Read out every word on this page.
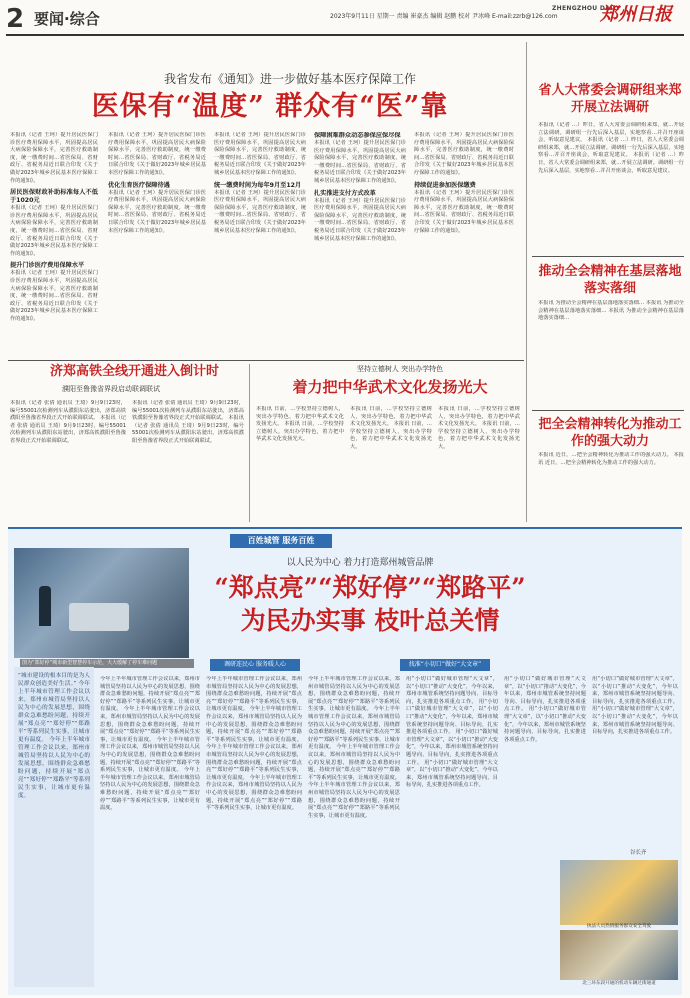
2 要闻·综合	2023年9月11日 星期一 责编 崔豪杰 编辑 赵鹏 校对 尹冰峰 E-mail:zzrb@126.com
ZHENGZHOU DAILY
郑州日报
我省发布《通知》进一步做好基本医疗保障工作
医保有“温度” 群众有“医”靠
本报讯（记者 王珂）提升居民医保门诊医疗费用保障水平，巩固提高居民大病保险保障水平，完善医疗救助制度，统一缴费时间…省医保局、省财政厅、省税务局近日联合印发《关于做好2023年城乡居民基本医疗保障工作的通知》。
居民医保财政补助标准每人不低于1020元
本报讯（记者 王珂）提升居民医保门诊医疗费用保障水平，巩固提高居民大病保险保障水平，完善医疗救助制度，统一缴费时间…省医保局、省财政厅、省税务局近日联合印发《关于做好2023年城乡居民基本医疗保障工作的通知》。
提升门诊医疗费用保障水平
本报讯（记者 王珂）提升居民医保门诊医疗费用保障水平，巩固提高居民大病保险保障水平，完善医疗救助制度，统一缴费时间…省医保局、省财政厅、省税务局近日联合印发《关于做好2023年城乡居民基本医疗保障工作的通知》。
本报讯（记者 王珂）提升居民医保门诊医疗费用保障水平，巩固提高居民大病保险保障水平，完善医疗救助制度，统一缴费时间…省医保局、省财政厅、省税务局近日联合印发《关于做好2023年城乡居民基本医疗保障工作的通知》。
优化生育医疗保障待遇
本报讯（记者 王珂）提升居民医保门诊医疗费用保障水平，巩固提高居民大病保险保障水平，完善医疗救助制度，统一缴费时间…省医保局、省财政厅、省税务局近日联合印发《关于做好2023年城乡居民基本医疗保障工作的通知》。
本报讯（记者 王珂）提升居民医保门诊医疗费用保障水平，巩固提高居民大病保险保障水平，完善医疗救助制度，统一缴费时间…省医保局、省财政厅、省税务局近日联合印发《关于做好2023年城乡居民基本医疗保障工作的通知》。
统一缴费时间为每年9月至12月
本报讯（记者 王珂）提升居民医保门诊医疗费用保障水平，巩固提高居民大病保险保障水平，完善医疗救助制度，统一缴费时间…省医保局、省财政厅、省税务局近日联合印发《关于做好2023年城乡居民基本医疗保障工作的通知》。
保障困难群众动态参保应保尽保
本报讯（记者 王珂）提升居民医保门诊医疗费用保障水平，巩固提高居民大病保险保障水平，完善医疗救助制度，统一缴费时间…省医保局、省财政厅、省税务局近日联合印发《关于做好2023年城乡居民基本医疗保障工作的通知》。
扎实推进支付方式改革
本报讯（记者 王珂）提升居民医保门诊医疗费用保障水平，巩固提高居民大病保险保障水平，完善医疗救助制度，统一缴费时间…省医保局、省财政厅、省税务局近日联合印发《关于做好2023年城乡居民基本医疗保障工作的通知》。
本报讯（记者 王珂）提升居民医保门诊医疗费用保障水平，巩固提高居民大病保险保障水平，完善医疗救助制度，统一缴费时间…省医保局、省财政厅、省税务局近日联合印发《关于做好2023年城乡居民基本医疗保障工作的通知》。
持续促进参加医保缴费
本报讯（记者 王珂）提升居民医保门诊医疗费用保障水平，巩固提高居民大病保险保障水平，完善医疗救助制度，统一缴费时间…省医保局、省财政厅、省税务局近日联合印发《关于做好2023年城乡居民基本医疗保障工作的通知》。
省人大常委会调研组来郑开展立法调研
本报讯（记者 …）昨日，省人大常委会调研组来郑，就…开展立法调研。调研组一行先后深入基层，实地察看…并召开座谈会，听取意见建议。 本报讯（记者 …）昨日，省人大常委会调研组来郑，就…开展立法调研。调研组一行先后深入基层，实地察看…并召开座谈会，听取意见建议。 本报讯（记者 …）昨日，省人大常委会调研组来郑，就…开展立法调研。调研组一行先后深入基层，实地察看…并召开座谈会，听取意见建议。
推动全会精神在基层落地落实落细
本报讯 为推动全会精神在基层落地落实落细… 本报讯 为推动全会精神在基层落地落实落细… 本报讯 为推动全会精神在基层落地落实落细…
把全会精神转化为推动工作的强大动力
本报讯 近日，…把全会精神转化为推动工作的强大动力。 本报讯 近日，…把全会精神转化为推动工作的强大动力。
济郑高铁全线开通进入倒计时
濮阳至鲁豫省界段启动联调联试
本报讯（记者 张倩 通讯员 王琦）9月9日23时，编号55001次检测列车从濮阳东站驶出，济郑高铁濮阳至鲁豫省界段正式开始联调联试。 本报讯（记者 张倩 通讯员 王琦）9月9日23时，编号55001次检测列车从濮阳东站驶出，济郑高铁濮阳至鲁豫省界段正式开始联调联试。
本报讯（记者 张倩 通讯员 王琦）9月9日23时，编号55001次检测列车从濮阳东站驶出，济郑高铁濮阳至鲁豫省界段正式开始联调联试。 本报讯（记者 张倩 通讯员 王琦）9月9日23时，编号55001次检测列车从濮阳东站驶出，济郑高铁濮阳至鲁豫省界段正式开始联调联试。
坚持立德树人 突出办学特色
着力把中华武术文化发扬光大
本报讯 日前，…学校坚持立德树人，突出办学特色，着力把中华武术文化发扬光大。 本报讯 日前，…学校坚持立德树人，突出办学特色，着力把中华武术文化发扬光大。
本报讯 日前，…学校坚持立德树人，突出办学特色，着力把中华武术文化发扬光大。 本报讯 日前，…学校坚持立德树人，突出办学特色，着力把中华武术文化发扬光大。
本报讯 日前，…学校坚持立德树人，突出办学特色，着力把中华武术文化发扬光大。 本报讯 日前，…学校坚持立德树人，突出办学特色，着力把中华武术文化发扬光大。
图为“郑好停”城市新型智慧停车示范，大大缓解了停车难问题
百姓城管 服务百姓
以人民为中心 着力打造郑州城管品牌
“郑点亮”“郑好停”“郑路平”
为民办实事 枝叶总关情
调研连民心 服务暖人心	找准“小切口”做好“大文章”
“城市建设的根本目的是为人民群众创造美好生活。” 今年上半年城市管理工作会议以来，郑州市城管局坚持以人民为中心的发展思想，围绕群众急难愁盼问题，持续开展“郑点亮”“郑好停”“郑路平”等系列民生实事，让城市更有温度。 今年上半年城市管理工作会议以来，郑州市城管局坚持以人民为中心的发展思想，围绕群众急难愁盼问题，持续开展“郑点亮”“郑好停”“郑路平”等系列民生实事，让城市更有温度。
今年上半年城市管理工作会议以来，郑州市城管局坚持以人民为中心的发展思想，围绕群众急难愁盼问题，持续开展“郑点亮”“郑好停”“郑路平”等系列民生实事，让城市更有温度。 今年上半年城市管理工作会议以来，郑州市城管局坚持以人民为中心的发展思想，围绕群众急难愁盼问题，持续开展“郑点亮”“郑好停”“郑路平”等系列民生实事，让城市更有温度。 今年上半年城市管理工作会议以来，郑州市城管局坚持以人民为中心的发展思想，围绕群众急难愁盼问题，持续开展“郑点亮”“郑好停”“郑路平”等系列民生实事，让城市更有温度。 今年上半年城市管理工作会议以来，郑州市城管局坚持以人民为中心的发展思想，围绕群众急难愁盼问题，持续开展“郑点亮”“郑好停”“郑路平”等系列民生实事，让城市更有温度。
今年上半年城市管理工作会议以来，郑州市城管局坚持以人民为中心的发展思想，围绕群众急难愁盼问题，持续开展“郑点亮”“郑好停”“郑路平”等系列民生实事，让城市更有温度。 今年上半年城市管理工作会议以来，郑州市城管局坚持以人民为中心的发展思想，围绕群众急难愁盼问题，持续开展“郑点亮”“郑好停”“郑路平”等系列民生实事，让城市更有温度。 今年上半年城市管理工作会议以来，郑州市城管局坚持以人民为中心的发展思想，围绕群众急难愁盼问题，持续开展“郑点亮”“郑好停”“郑路平”等系列民生实事，让城市更有温度。 今年上半年城市管理工作会议以来，郑州市城管局坚持以人民为中心的发展思想，围绕群众急难愁盼问题，持续开展“郑点亮”“郑好停”“郑路平”等系列民生实事，让城市更有温度。
今年上半年城市管理工作会议以来，郑州市城管局坚持以人民为中心的发展思想，围绕群众急难愁盼问题，持续开展“郑点亮”“郑好停”“郑路平”等系列民生实事，让城市更有温度。 今年上半年城市管理工作会议以来，郑州市城管局坚持以人民为中心的发展思想，围绕群众急难愁盼问题，持续开展“郑点亮”“郑好停”“郑路平”等系列民生实事，让城市更有温度。 今年上半年城市管理工作会议以来，郑州市城管局坚持以人民为中心的发展思想，围绕群众急难愁盼问题，持续开展“郑点亮”“郑好停”“郑路平”等系列民生实事，让城市更有温度。 今年上半年城市管理工作会议以来，郑州市城管局坚持以人民为中心的发展思想，围绕群众急难愁盼问题，持续开展“郑点亮”“郑好停”“郑路平”等系列民生实事，让城市更有温度。
用“小切口”做好城市管理“大文章”，以“小切口”推动“大变化”，今年以来，郑州市城管系统坚持问题导向、目标导向，扎实推进各项重点工作。 用“小切口”做好城市管理“大文章”，以“小切口”推动“大变化”，今年以来，郑州市城管系统坚持问题导向、目标导向，扎实推进各项重点工作。 用“小切口”做好城市管理“大文章”，以“小切口”推动“大变化”，今年以来，郑州市城管系统坚持问题导向、目标导向，扎实推进各项重点工作。 用“小切口”做好城市管理“大文章”，以“小切口”推动“大变化”，今年以来，郑州市城管系统坚持问题导向、目标导向，扎实推进各项重点工作。
用“小切口”做好城市管理“大文章”，以“小切口”推动“大变化”，今年以来，郑州市城管系统坚持问题导向、目标导向，扎实推进各项重点工作。 用“小切口”做好城市管理“大文章”，以“小切口”推动“大变化”，今年以来，郑州市城管系统坚持问题导向、目标导向，扎实推进各项重点工作。
用“小切口”做好城市管理“大文章”，以“小切口”推动“大变化”，今年以来，郑州市城管系统坚持问题导向、目标导向，扎实推进各项重点工作。 用“小切口”做好城市管理“大文章”，以“小切口”推动“大变化”，今年以来，郑州市城管系统坚持问题导向、目标导向，扎实推进各项重点工作。
谷长齐
执法人员热情服务群众安全驾驶
北三环东段开通的机动车辆过街通道
